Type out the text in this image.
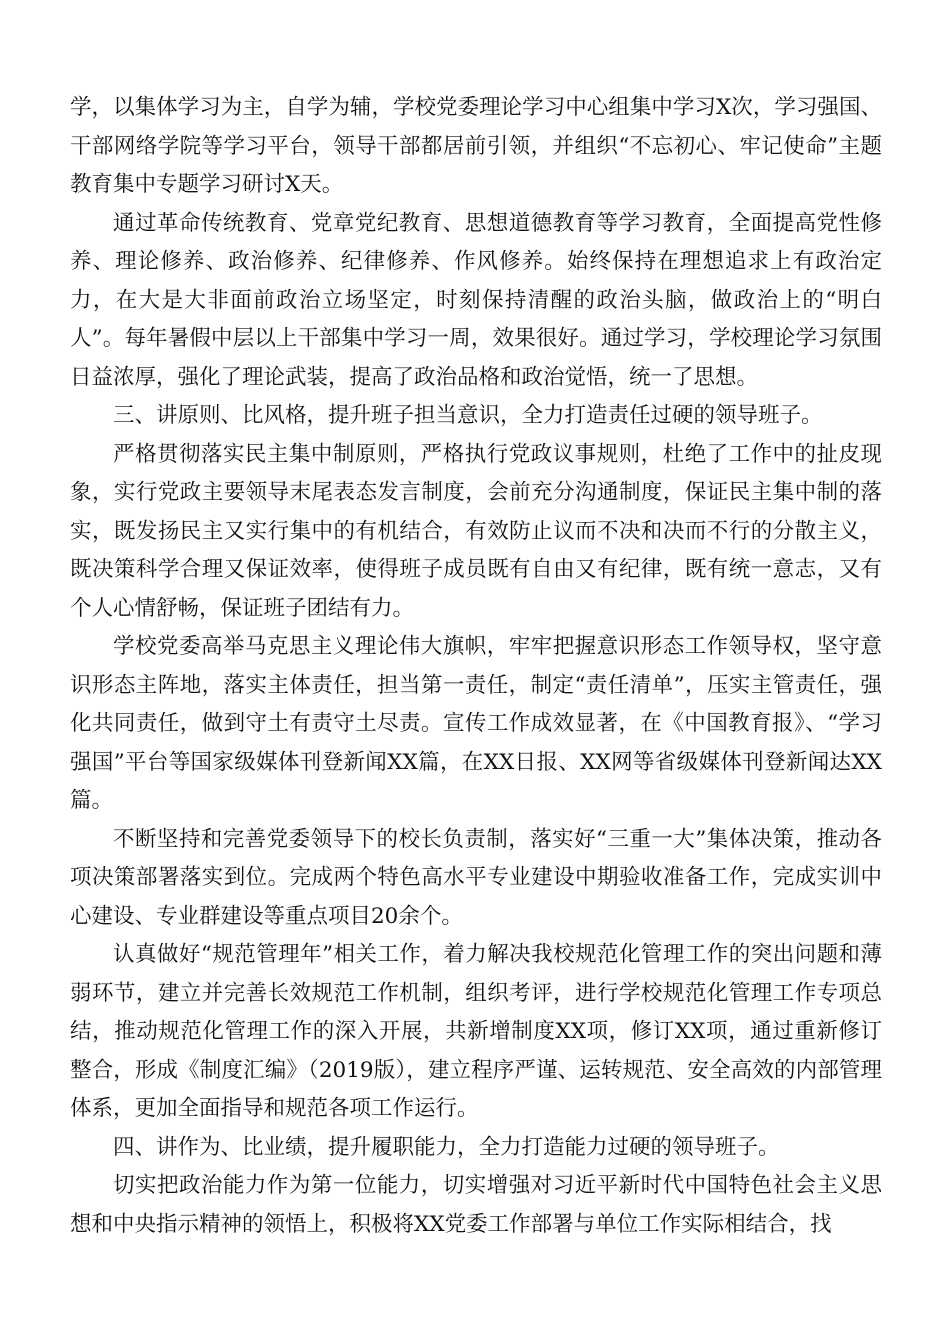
学，以集体学习为主，自学为辅，学校党委理论学习中心组集中学习X次，学习强国、干部网络学院等学习平台，领导干部都居前引领，并组织“不忘初心、牢记使命”主题教育集中专题学习研讨X天。

通过革命传统教育、党章党纪教育、思想道德教育等学习教育，全面提高党性修养、理论修养、政治修养、纪律修养、作风修养。始终保持在理想追求上有政治定力，在大是大非面前政治立场坚定，时刻保持清醒的政治头脑，做政治上的“明白人”。每年暑假中层以上干部集中学习一周，效果很好。通过学习，学校理论学习氛围日益浓厚，强化了理论武装，提高了政治品格和政治觉悟，统一了思想。

三、讲原则、比风格，提升班子担当意识，全力打造责任过硬的领导班子。

严格贯彻落实民主集中制原则，严格执行党政议事规则，杜绝了工作中的扯皮现象，实行党政主要领导末尾表态发言制度，会前充分沟通制度，保证民主集中制的落实，既发扬民主又实行集中的有机结合，有效防止议而不决和决而不行的分散主义，既决策科学合理又保证效率，使得班子成员既有自由又有纪律，既有统一意志，又有个人心情舒畅，保证班子团结有力。

学校党委高举马克思主义理论伟大旗帜，牢牢把握意识形态工作领导权，坚守意识形态主阵地，落实主体责任，担当第一责任，制定“责任清单”，压实主管责任，强化共同责任，做到守土有责守土尽责。宣传工作成效显著，在《中国教育报》、“学习强国”平台等国家级媒体刊登新闻XX篇，在XX日报、XX网等省级媒体刊登新闻达XX篇。

不断坚持和完善党委领导下的校长负责制，落实好“三重一大”集体决策，推动各项决策部署落实到位。完成两个特色高水平专业建设中期验收准备工作，完成实训中心建设、专业群建设等重点项目20余个。

认真做好“规范管理年”相关工作，着力解决我校规范化管理工作的突出问题和薄弱环节，建立并完善长效规范工作机制，组织考评，进行学校规范化管理工作专项总结，推动规范化管理工作的深入开展，共新增制度XX项，修订XX项，通过重新修订整合，形成《制度汇编》（2019版），建立程序严谨、运转规范、安全高效的内部管理体系，更加全面指导和规范各项工作运行。

四、讲作为、比业绩，提升履职能力，全力打造能力过硬的领导班子。

切实把政治能力作为第一位能力，切实增强对习近平新时代中国特色社会主义思想和中央指示精神的领悟上，积极将XX党委工作部署与单位工作实际相结合，找
